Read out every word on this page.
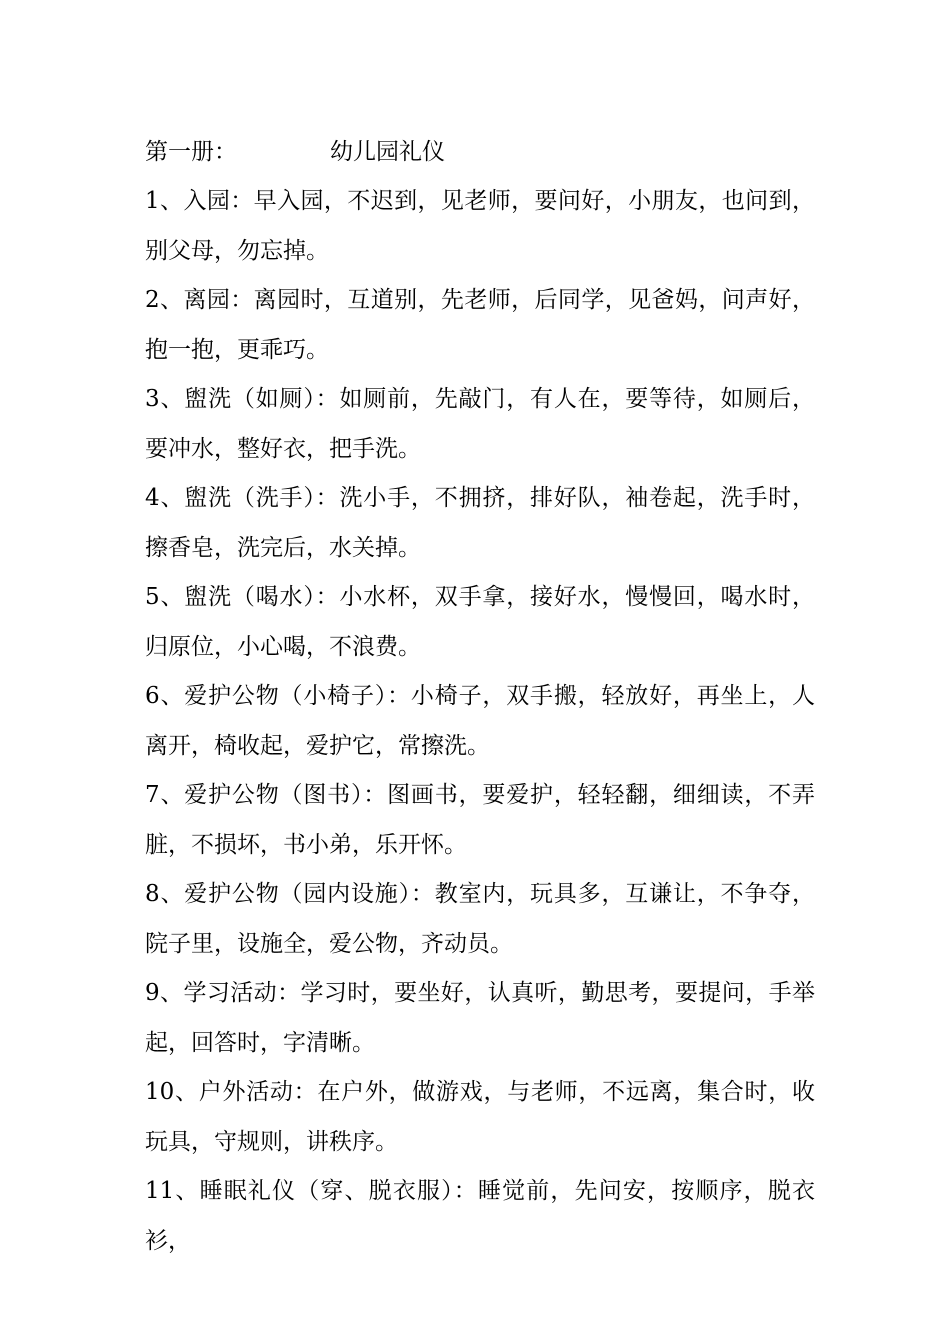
第一册：	幼儿园礼仪
1、入园：早入园，不迟到，见老师，要问好，小朋友，也问到，别父母，勿忘掉。
2、离园：离园时，互道别，先老师，后同学，见爸妈，问声好，抱一抱，更乖巧。
3、盥洗（如厕）：如厕前，先敲门，有人在，要等待，如厕后，要冲水，整好衣，把手洗。
4、盥洗（洗手）：洗小手，不拥挤，排好队，袖卷起，洗手时，擦香皂，洗完后，水关掉。
5、盥洗（喝水）：小水杯，双手拿，接好水，慢慢回，喝水时，归原位，小心喝，不浪费。
6、爱护公物（小椅子）：小椅子，双手搬，轻放好，再坐上，人离开，椅收起，爱护它，常擦洗。
7、爱护公物（图书）：图画书，要爱护，轻轻翻，细细读，不弄脏，不损坏，书小弟，乐开怀。
8、爱护公物（园内设施）：教室内，玩具多，互谦让，不争夺，院子里，设施全，爱公物，齐动员。
9、学习活动：学习时，要坐好，认真听，勤思考，要提问，手举起，回答时，字清晰。
10、户外活动：在户外，做游戏，与老师，不远离，集合时，收玩具，守规则，讲秩序。
11、睡眠礼仪（穿、脱衣服）：睡觉前，先问安，按顺序，脱衣衫，
